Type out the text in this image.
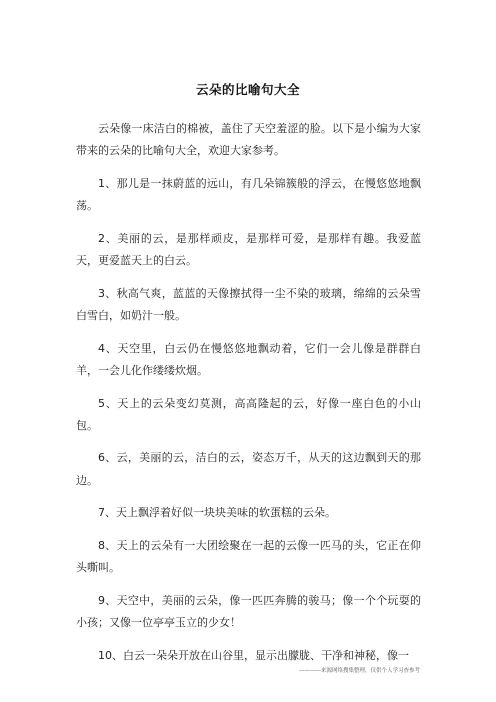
云朵的比喻句大全

云朵像一床洁白的棉被，盖住了天空羞涩的脸。以下是小编为大家带来的云朵的比喻句大全，欢迎大家参考。

1、那儿是一抹蔚蓝的远山，有几朵锦簇般的浮云，在慢悠悠地飘荡。

2、美丽的云，是那样顽皮，是那样可爱，是那样有趣。我爱蓝天，更爱蓝天上的白云。

3、秋高气爽，蓝蓝的天像擦拭得一尘不染的玻璃，绵绵的云朵雪白雪白，如奶汁一般。

4、天空里，白云仍在慢悠悠地飘动着，它们一会儿像是群群白羊，一会儿化作缕缕炊烟。

5、天上的云朵变幻莫测，高高隆起的云，好像一座白色的小山包。

6、云，美丽的云，洁白的云，姿态万千，从天的这边飘到天的那边。

7、天上飘浮着好似一块块美味的软蛋糕的云朵。

8、天上的云朵有一大团绘聚在一起的云像一匹马的头，它正在仰头嘶叫。

9、天空中，美丽的云朵，像一匹匹奔腾的骏马；像一个个玩耍的小孩；又像一位亭亭玉立的少女！

10、白云一朵朵开放在山谷里，显示出朦胧、干净和神秘，像一

————来源网络搜集整理，仅供个人学习查参考
